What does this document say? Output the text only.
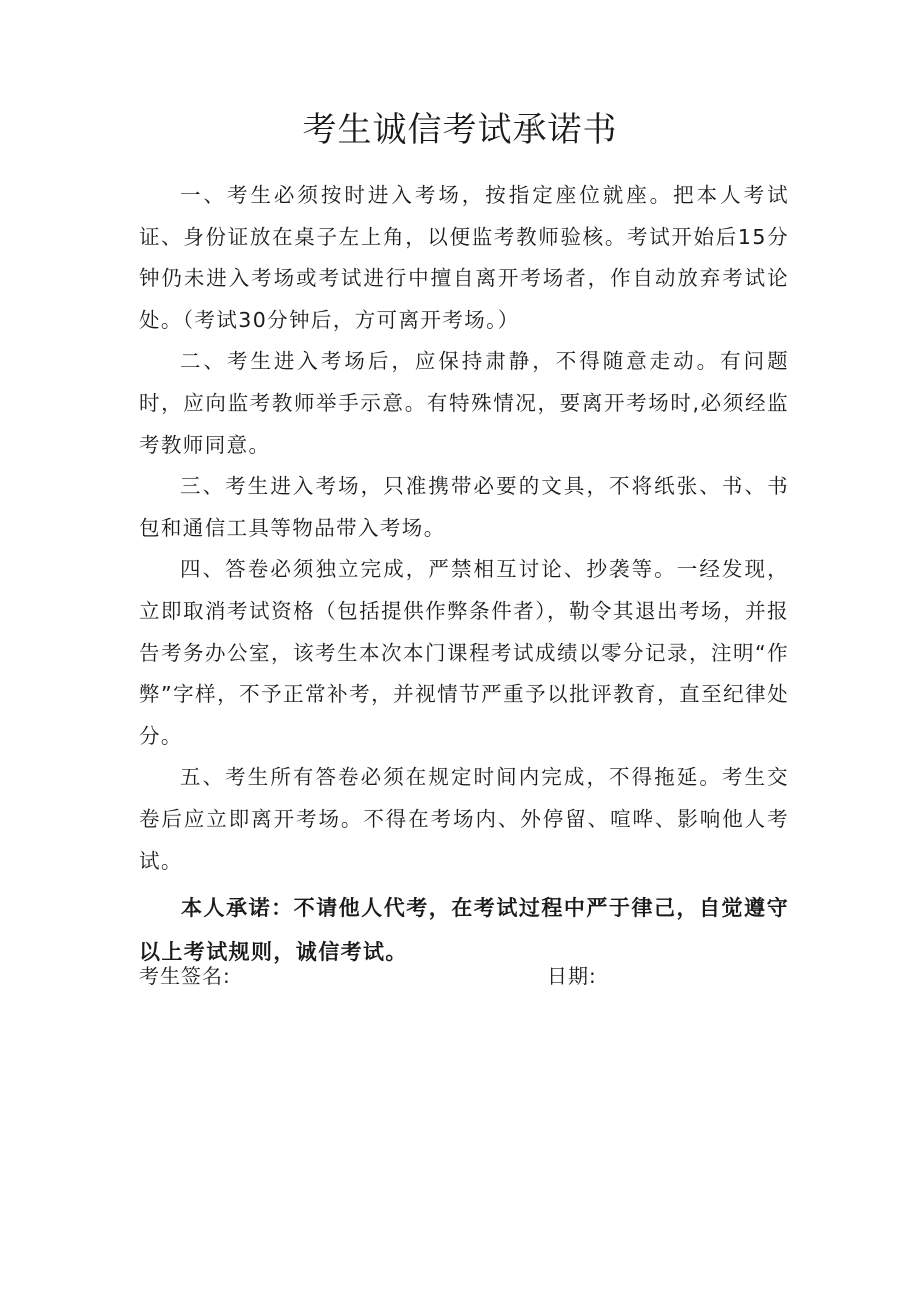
考生诚信考试承诺书

一、考生必须按时进入考场，按指定座位就座。把本人考试证、身份证放在桌子左上角，以便监考教师验核。考试开始后15分钟仍未进入考场或考试进行中擅自离开考场者，作自动放弃考试论处。（考试30分钟后，方可离开考场。）

二、考生进入考场后，应保持肃静，不得随意走动。有问题时，应向监考教师举手示意。有特殊情况，要离开考场时,必须经监考教师同意。

三、考生进入考场，只准携带必要的文具，不将纸张、书、书包和通信工具等物品带入考场。

四、答卷必须独立完成，严禁相互讨论、抄袭等。一经发现，立即取消考试资格（包括提供作弊条件者），勒令其退出考场，并报告考务办公室，该考生本次本门课程考试成绩以零分记录，注明“作弊”字样，不予正常补考，并视情节严重予以批评教育，直至纪律处分。

五、考生所有答卷必须在规定时间内完成，不得拖延。考生交卷后应立即离开考场。不得在考场内、外停留、喧哗、影响他人考试。

本人承诺：不请他人代考，在考试过程中严于律己，自觉遵守以上考试规则，诚信考试。

考生签名:	日期:
